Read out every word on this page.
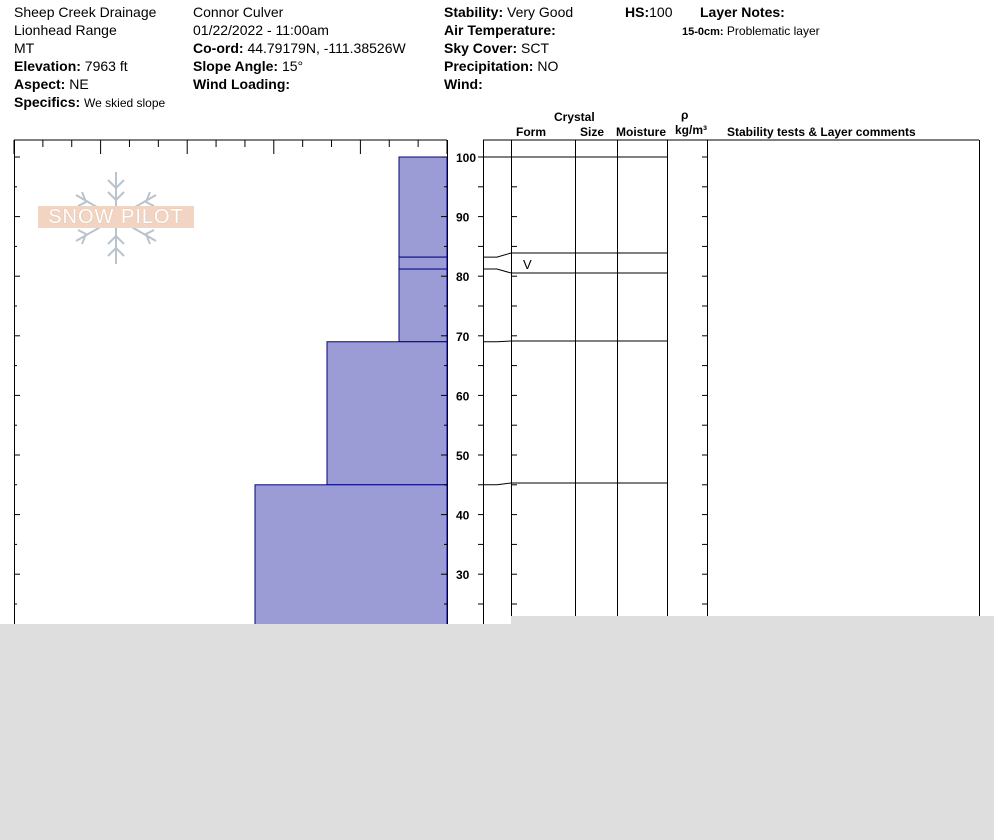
Sheep Creek Drainage
Lionhead Range
MT
Elevation: 7963 ft
Aspect: NE
Specifics: We skied slope
Connor Culver
01/22/2022 - 11:00am
Co-ord: 44.79179N, -111.38526W
Slope Angle: 15°
Wind Loading:
Stability: Very Good
Air Temperature:
Sky Cover: SCT
Precipitation: NO
Wind:
HS:100 Layer Notes:
15-0cm: Problematic layer
Crystal
Form	Size Moisture
ρ
kg/m³ Stability tests & Layer comments
30
40
50
60
70
80
90
100
V
SNOW PILOT
